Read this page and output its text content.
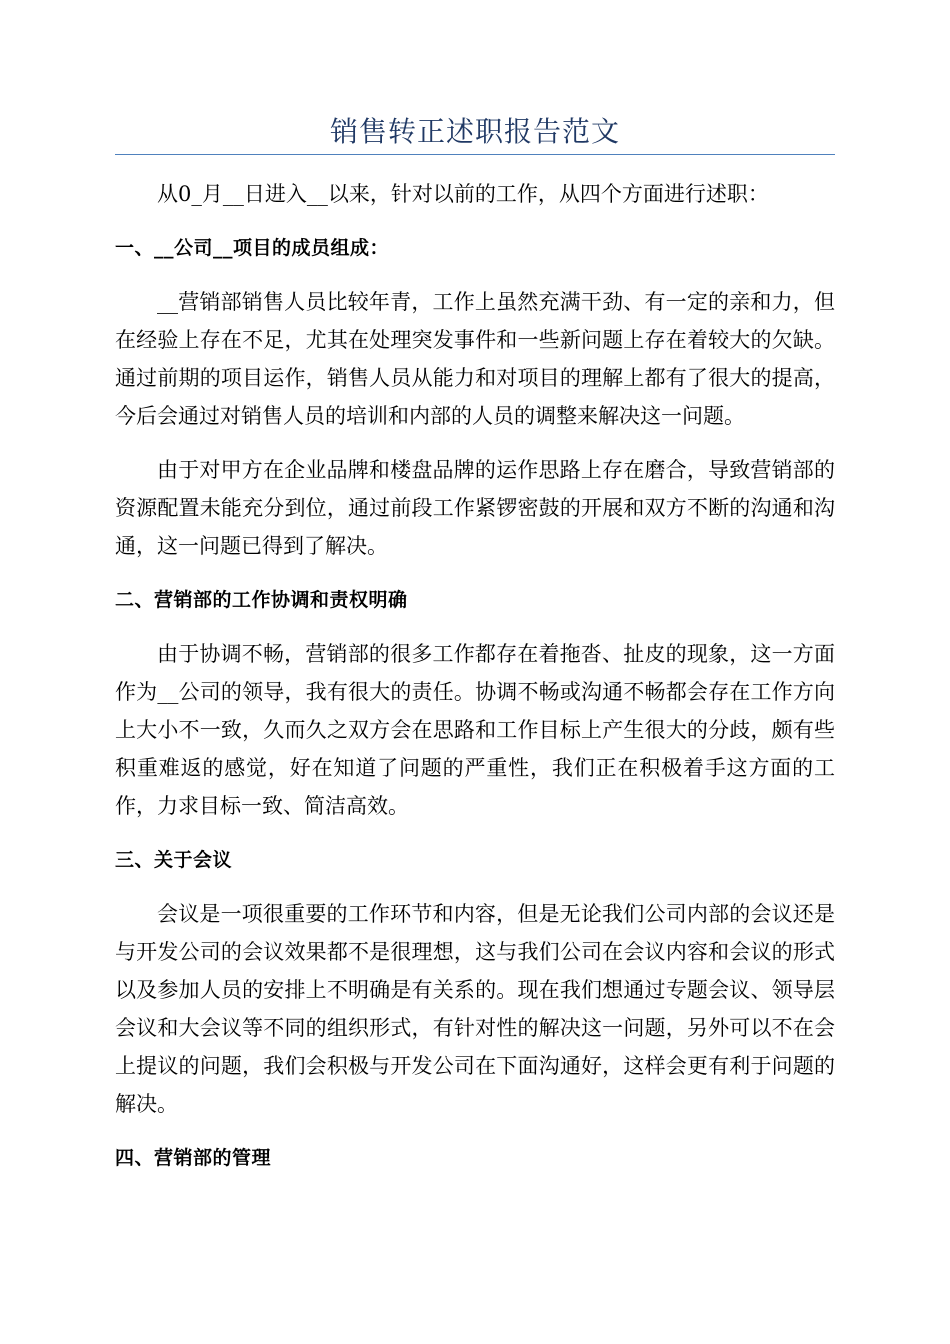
销售转正述职报告范文

从0_月__日进入__以来，针对以前的工作，从四个方面进行述职：

一、__公司__项目的成员组成：

__营销部销售人员比较年青，工作上虽然充满干劲、有一定的亲和力，但在经验上存在不足，尤其在处理突发事件和一些新问题上存在着较大的欠缺。通过前期的项目运作，销售人员从能力和对项目的理解上都有了很大的提高，今后会通过对销售人员的培训和内部的人员的调整来解决这一问题。

由于对甲方在企业品牌和楼盘品牌的运作思路上存在磨合，导致营销部的资源配置未能充分到位，通过前段工作紧锣密鼓的开展和双方不断的沟通和沟通，这一问题已得到了解决。

二、营销部的工作协调和责权明确

由于协调不畅，营销部的很多工作都存在着拖沓、扯皮的现象，这一方面作为__公司的领导，我有很大的责任。协调不畅或沟通不畅都会存在工作方向上大小不一致，久而久之双方会在思路和工作目标上产生很大的分歧，颇有些积重难返的感觉，好在知道了问题的严重性，我们正在积极着手这方面的工作，力求目标一致、简洁高效。

三、关于会议

会议是一项很重要的工作环节和内容，但是无论我们公司内部的会议还是与开发公司的会议效果都不是很理想，这与我们公司在会议内容和会议的形式以及参加人员的安排上不明确是有关系的。现在我们想通过专题会议、领导层会议和大会议等不同的组织形式，有针对性的解决这一问题，另外可以不在会上提议的问题，我们会积极与开发公司在下面沟通好，这样会更有利于问题的解决。

四、营销部的管理
